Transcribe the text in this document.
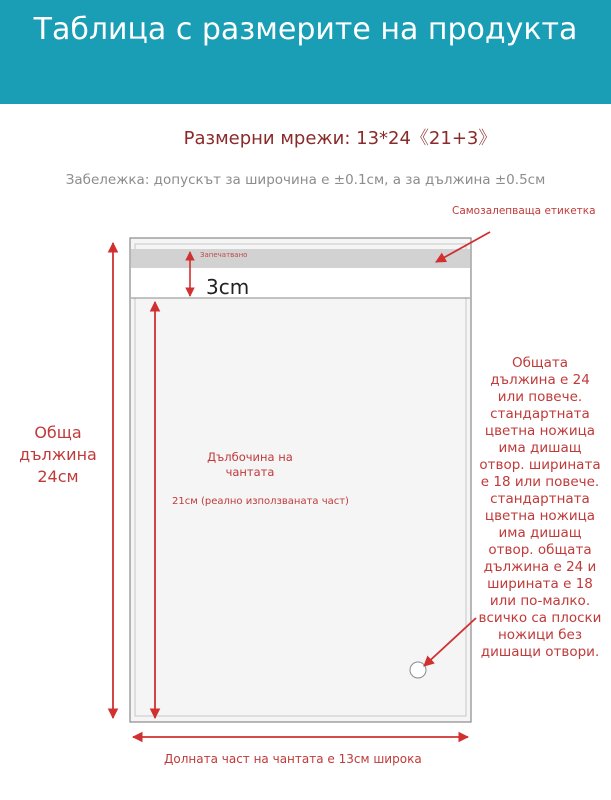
Таблица с размерите на продукта
Размерни мрежи: 13*24《21+3》
Забележка: допускът за широчина е ±0.1cм, а за дължина ±0.5cм
Самозалепваща етикетка
Запечатвано
3cm
Дълбочина на чантата
21cм (реално използваната част)
Обща дължина 24cм
Долната част на чантата е 13cм широка
Общата дължина е 24 или повече. стандартната цветна ножица има дишащ отвор. ширината е 18 или повече. стандартната цветна ножица има дишащ отвор. общата дължина е 24 и ширината е 18 или по-малко. всичко са плоски ножици без дишащи отвори.
